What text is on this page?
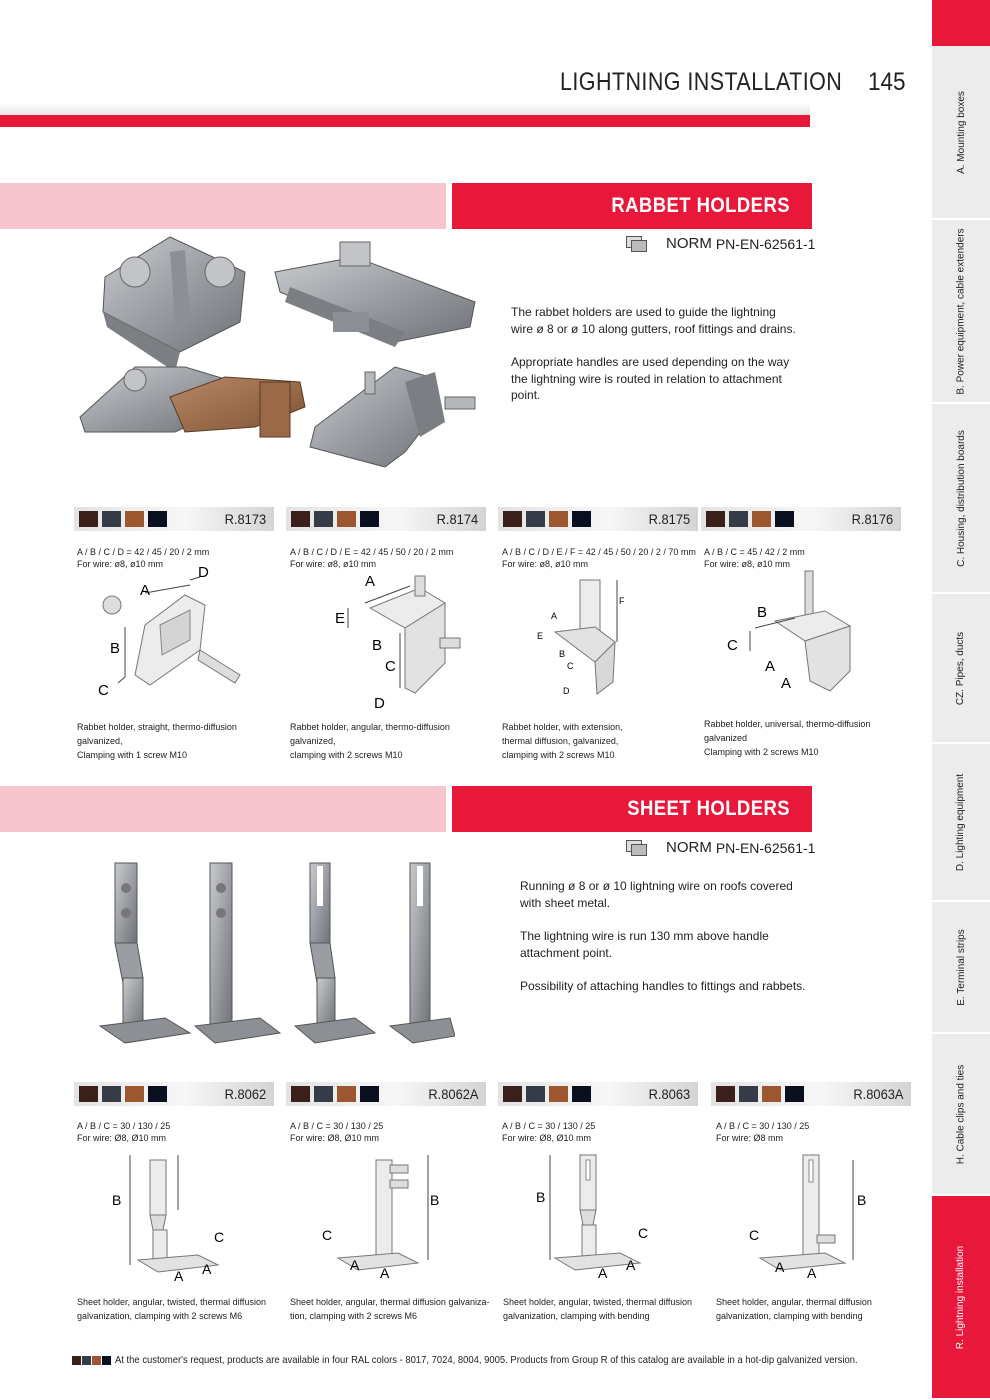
LIGHTNING INSTALLATION 145
A. Mounting boxes
B. Power equipment, cable extenders
C. Housing, distribution boards
CZ. Pipes, ducts
D. Lighting equipment
E. Terminal strips
H. Cable clips and ties
R. Lightning installation
RABBET HOLDERS
NORM PN-EN-62561-1

The rabbet holders are used to guide the lightning wire ø 8 or ø 10 along gutters, roof fittings and drains.

Appropriate handles are used depending on the way the lightning wire is routed in relation to attachment point.

R.8173	R.8174	R.8175	R.8176
A / B / C / D = 42 / 45 / 20 / 2 mm
For wire: ø8, ø10 mm
A / B / C / D / E = 42 / 45 / 50 / 20 / 2 mm
For wire: ø8, ø10 mm
A / B / C / D / E / F = 42 / 45 / 50 / 20 / 2 / 70 mm
For wire: ø8, ø10 mm
A / B / C = 45 / 42 / 2 mm
For wire: ø8, ø10 mm
A
D
B
C
A
E
B
C
D
A
F
E
B
C
D
B
C
A
A
Rabbet holder, straight, thermo-diffusion
galvanized,
Clamping with 1 screw M10
Rabbet holder, angular, thermo-diffusion
galvanized,
clamping with 2 screws M10
Rabbet holder, with extension,
thermal diffusion, galvanized,
clamping with 2 screws M10
Rabbet holder, universal, thermo-diffusion
galvanized
Clamping with 2 screws M10
SHEET HOLDERS
NORM PN-EN-62561-1

Running ø 8 or ø 10 lightning wire on roofs covered with sheet metal.

The lightning wire is run 130 mm above handle attachment point.

Possibility of attaching handles to fittings and rabbets.

R.8062	R.8062A	R.8063	R.8063A
A / B / C = 30 / 130 / 25
For wire: Ø8, Ø10 mm
A / B / C = 30 / 130 / 25
For wire: Ø8, Ø10 mm
A / B / C = 30 / 130 / 25
For wire: Ø8, Ø10 mm
A / B / C = 30 / 130 / 25
For wire: Ø8 mm
B
C
A A
B
C
A A
B
C
A A
B
C
A A
Sheet holder, angular, twisted, thermal diffusion
galvanization, clamping with 2 screws M6
Sheet holder, angular, thermal diffusion galvaniza-
tion, clamping with 2 screws M6
Sheet holder, angular, twisted, thermal diffusion
galvanization, clamping with bending
Sheet holder, angular, thermal diffusion
galvanization, clamping with bending
At the customer's request, products are available in four RAL colors - 8017, 7024, 8004, 9005. Products from Group R of this catalog are available in a hot-dip galvanized version.
